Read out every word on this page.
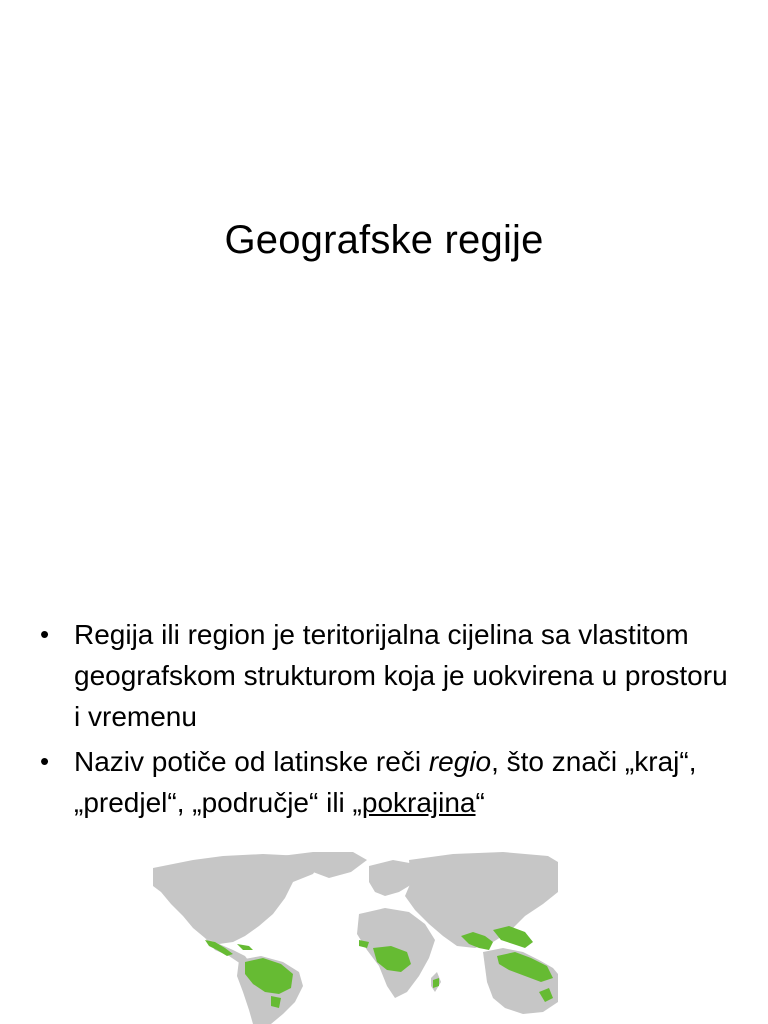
Geografske regije
• Regija ili region je teritorijalna cijelina sa vlastitom geografskom strukturom koja je uokvirena u prostoru i vremenu
• Naziv potiče od latinske reči regio, što znači „kraj“, „predjel“, „područje“ ili „pokrajina“
